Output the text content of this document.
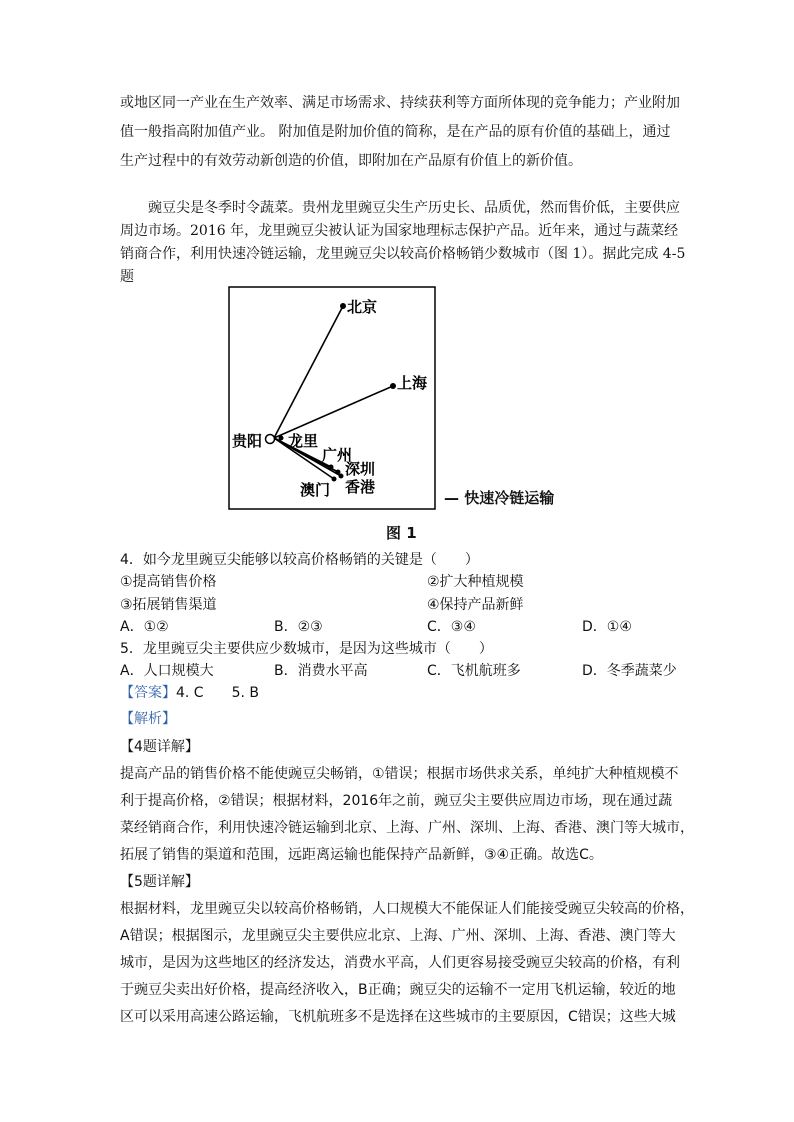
或地区同一产业在生产效率、满足市场需求、持续获利等方面所体现的竞争能力；产业附加
值一般指高附加值产业。 附加值是附加价值的简称，是在产品的原有价值的基础上，通过
生产过程中的有效劳动新创造的价值，即附加在产品原有价值上的新价值。
　　豌豆尖是冬季时令蔬菜。贵州龙里豌豆尖生产历史长、品质优，然而售价低，主要供应
周边市场。2016 年，龙里豌豆尖被认证为国家地理标志保护产品。近年来，通过与蔬菜经
销商合作，利用快速冷链运输，龙里豌豆尖以较高价格畅销少数城市（图 1）。据此完成 4-5
题
北京
上海
贵阳 龙里
广州
深圳
澳门 香港
— 快速冷链运输
图 1
4．如今龙里豌豆尖能够以较高价格畅销的关键是（　　）
①提高销售价格	②扩大种植规模
③拓展销售渠道	④保持产品新鲜
A．①②	B．②③	C．③④	D．①④
5．龙里豌豆尖主要供应少数城市，是因为这些城市（　　）
A．人口规模大	B．消费水平高	C．飞机航班多	D．冬季蔬菜少
【答案】4. C　　5. B
【解析】
【4题详解】
提高产品的销售价格不能使豌豆尖畅销，①错误；根据市场供求关系，单纯扩大种植规模不
利于提高价格，②错误；根据材料，2016年之前，豌豆尖主要供应周边市场，现在通过蔬
菜经销商合作，利用快速冷链运输到北京、上海、广州、深圳、上海、香港、澳门等大城市，
拓展了销售的渠道和范围，远距离运输也能保持产品新鲜，③④正确。故选C。
【5题详解】
根据材料，龙里豌豆尖以较高价格畅销，人口规模大不能保证人们能接受豌豆尖较高的价格，
A错误；根据图示，龙里豌豆尖主要供应北京、上海、广州、深圳、上海、香港、澳门等大
城市，是因为这些地区的经济发达，消费水平高，人们更容易接受豌豆尖较高的价格，有利
于豌豆尖卖出好价格，提高经济收入，B正确；豌豆尖的运输不一定用飞机运输，较近的地
区可以采用高速公路运输，飞机航班多不是选择在这些城市的主要原因，C错误；这些大城
